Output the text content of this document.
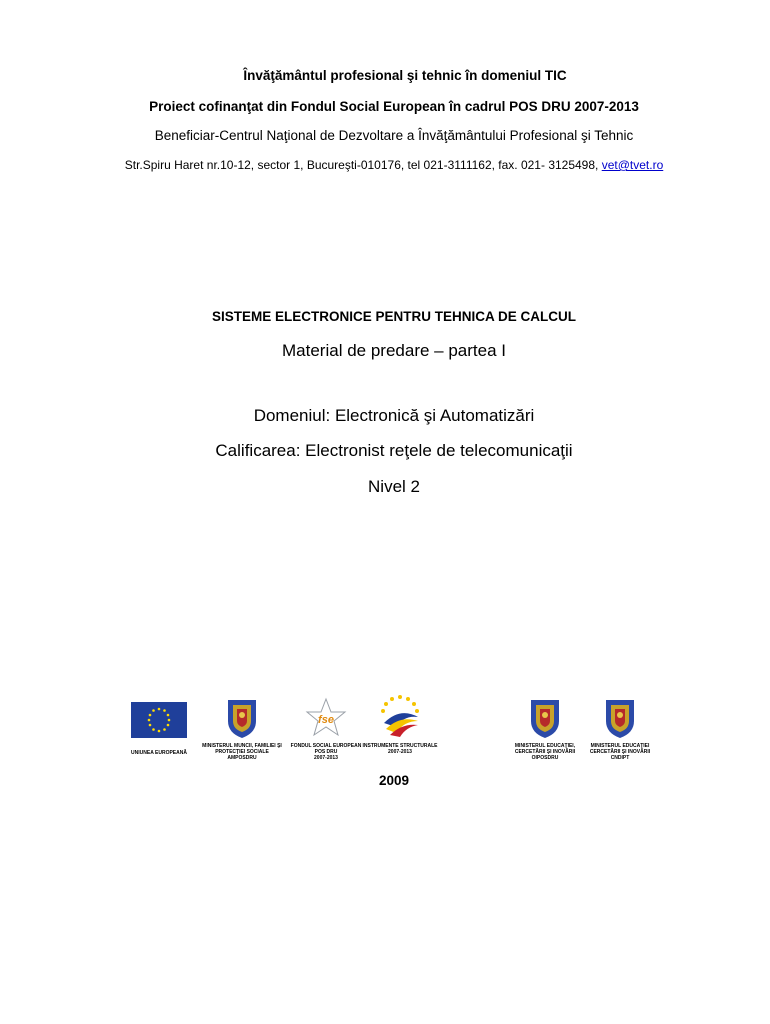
Învăţământul profesional şi tehnic în domeniul TIC
Proiect cofinanţat din Fondul Social European în cadrul POS DRU 2007-2013
Beneficiar-Centrul Naţional de Dezvoltare a Învăţământului Profesional şi Tehnic
Str.Spiru Haret nr.10-12, sector 1, Bucureşti-010176, tel 021-3111162, fax. 021- 3125498, vet@tvet.ro
SISTEME ELECTRONICE PENTRU TEHNICA DE CALCUL
Material de predare – partea I
Domeniul: Electronică şi Automatizări
Calificarea: Electronist reţele de telecomunicaţii
Nivel 2
UNIUNEA EUROPEANĂ
MINISTERUL MUNCII, FAMILIEI ŞI
PROTECŢIEI SOCIALE
AMPOSDRU
fse
FONDUL SOCIAL EUROPEAN
POS DRU
2007-2013
INSTRUMENTE STRUCTURALE
2007-2013
MINISTERUL EDUCAŢIEI,
CERCETĂRII ŞI INOVĂRII
OIPOSDRU
MINISTERUL EDUCAŢIEI
CERCETĂRII ŞI INOVĂRII
CNDIPT
2009
